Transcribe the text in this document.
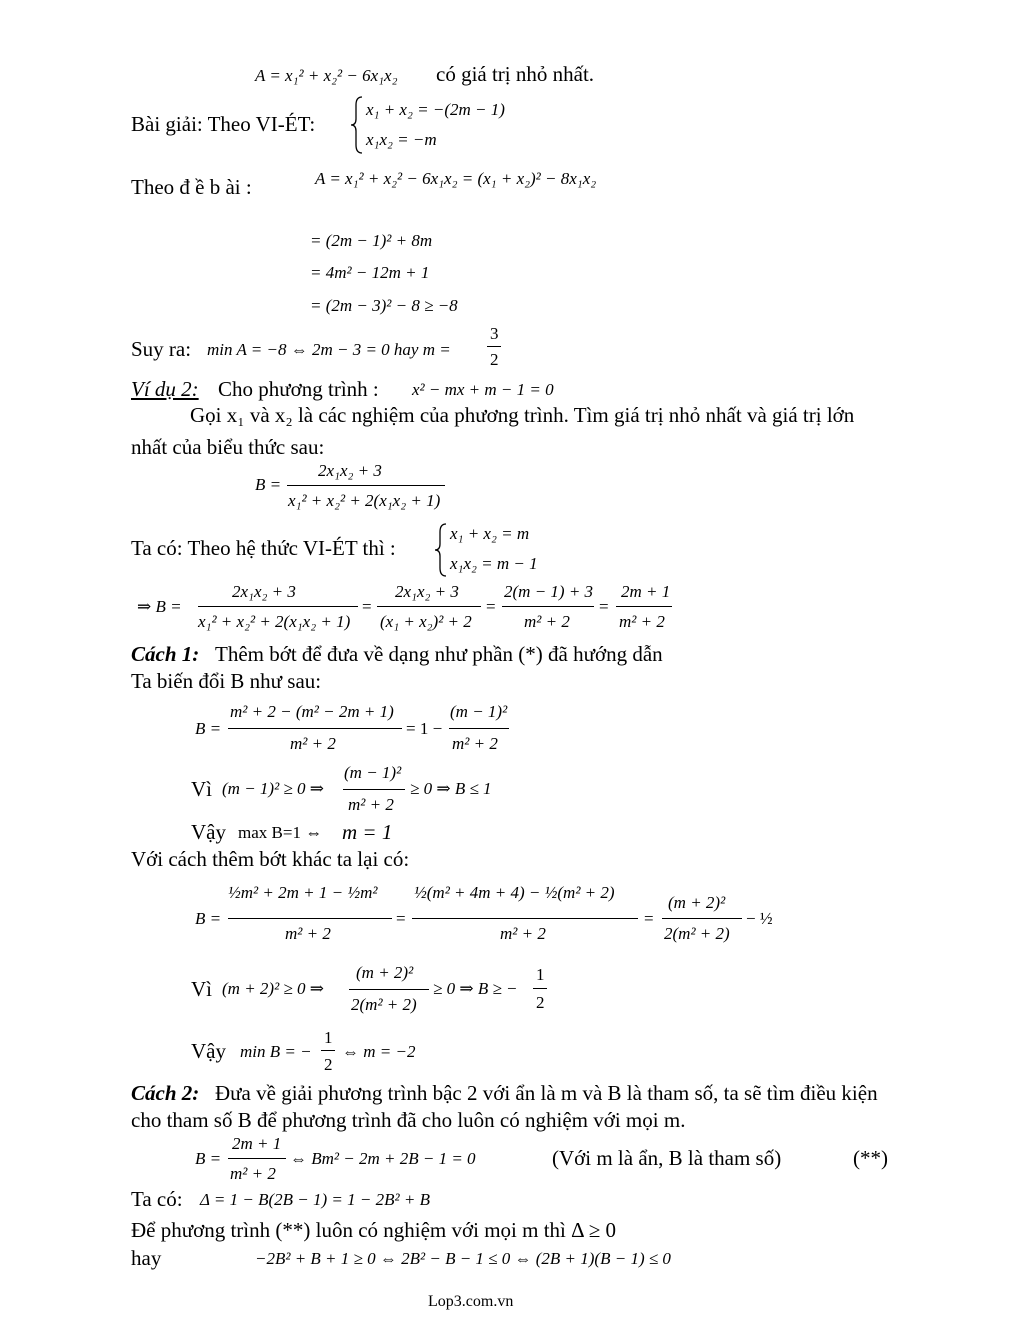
A = x₁² + x₂² − 6x₁x₂ có giá trị nhỏ nhất.
Bài giải: Theo VI-ÉT:
x₁ + x₂ = −(2m − 1)
x₁x₂ = −m
Theo đ ề b ài :	A = x₁² + x₂² − 6x₁x₂ = (x₁ + x₂)² − 8x₁x₂
= (2m − 1)² + 8m
= 4m² − 12m + 1
= (2m − 3)² − 8 ≥ −8
Suy ra: min A = −8 ⇔ 2m − 3 = 0 hay m =
3
2
Ví dụ 2: Cho phương trình : x² − mx + m − 1 = 0
Gọi x₁ và x₂ là các nghiệm của phương trình. Tìm giá trị nhỏ nhất và giá trị lớn
nhất của biểu thức sau:
B =
2x₁x₂ + 3
x₁² + x₂² + 2(x₁x₂ + 1)
Ta có: Theo hệ thức VI-ÉT thì :
x₁ + x₂ = m
x₁x₂ = m − 1
⇒ B =
2x₁x₂ + 3
x₁² + x₂² + 2(x₁x₂ + 1)
=
2x₁x₂ + 3
(x₁ + x₂)² + 2
=
2(m − 1) + 3
m² + 2
=
2m + 1
m² + 2
Cách 1: Thêm bớt để đưa về dạng như phần (*) đã hướng dẫn
Ta biến đổi B như sau:
B =
m² + 2 − (m² − 2m + 1)
m² + 2
= 1 −
(m − 1)²
m² + 2
Vì (m − 1)² ≥ 0 ⇒
(m − 1)²
m² + 2
≥ 0 ⇒ B ≤ 1
Vậy max B=1 ⇔ m = 1
Với cách thêm bớt khác ta lại có:
B =
½m² + 2m + 1 − ½m²
m² + 2
=
½(m² + 4m + 4) − ½(m² + 2)
m² + 2
=
(m + 2)²
2(m² + 2)
− ½
Vì (m + 2)² ≥ 0 ⇒
(m + 2)²
2(m² + 2)
≥ 0 ⇒ B ≥ −
1
2
Vậy min B = −
1
2
⇔ m = −2
Cách 2: Đưa về giải phương trình bậc 2 với ẩn là m và B là tham số, ta sẽ tìm điều kiện
cho tham số B để phương trình đã cho luôn có nghiệm với mọi m.
B =
2m + 1
m² + 2
⇔ Bm² − 2m + 2B − 1 = 0	(Với m là ẩn, B là tham số)	(**)
Ta có: Δ = 1 − B(2B − 1) = 1 − 2B² + B
Để phương trình (**) luôn có nghiệm với mọi m thì Δ ≥ 0
hay	−2B² + B + 1 ≥ 0 ⇔ 2B² − B − 1 ≤ 0 ⇔ (2B + 1)(B − 1) ≤ 0
Lop3.com.vn
